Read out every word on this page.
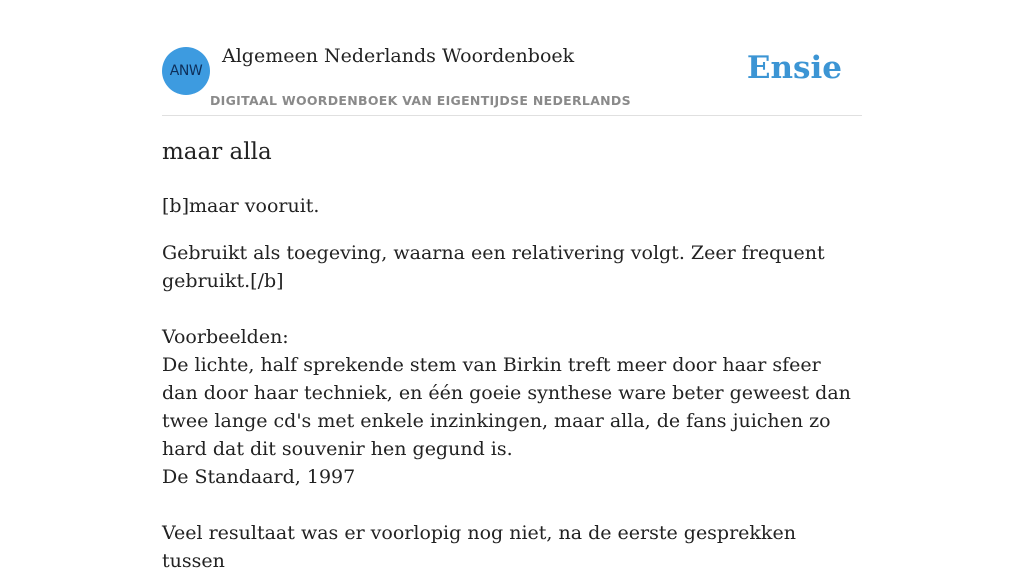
ANW
Algemeen Nederlands Woordenboek
DIGITAAL WOORDENBOEK VAN EIGENTIJDSE NEDERLANDS
Ensie
maar alla

[b]maar vooruit.

Gebruikt als toegeving, waarna een relativering volgt. Zeer frequent gebruikt.[/b]

Voorbeelden:

De lichte, half sprekende stem van Birkin treft meer door haar sfeer dan door haar techniek, en één goeie synthese ware beter geweest dan twee lange cd's met enkele inzinkingen, maar alla, de fans juichen zo hard dat dit souvenir hen gegund is.

De Standaard, 1997

Veel resultaat was er voorlopig nog niet, na de eerste gesprekken tussen
